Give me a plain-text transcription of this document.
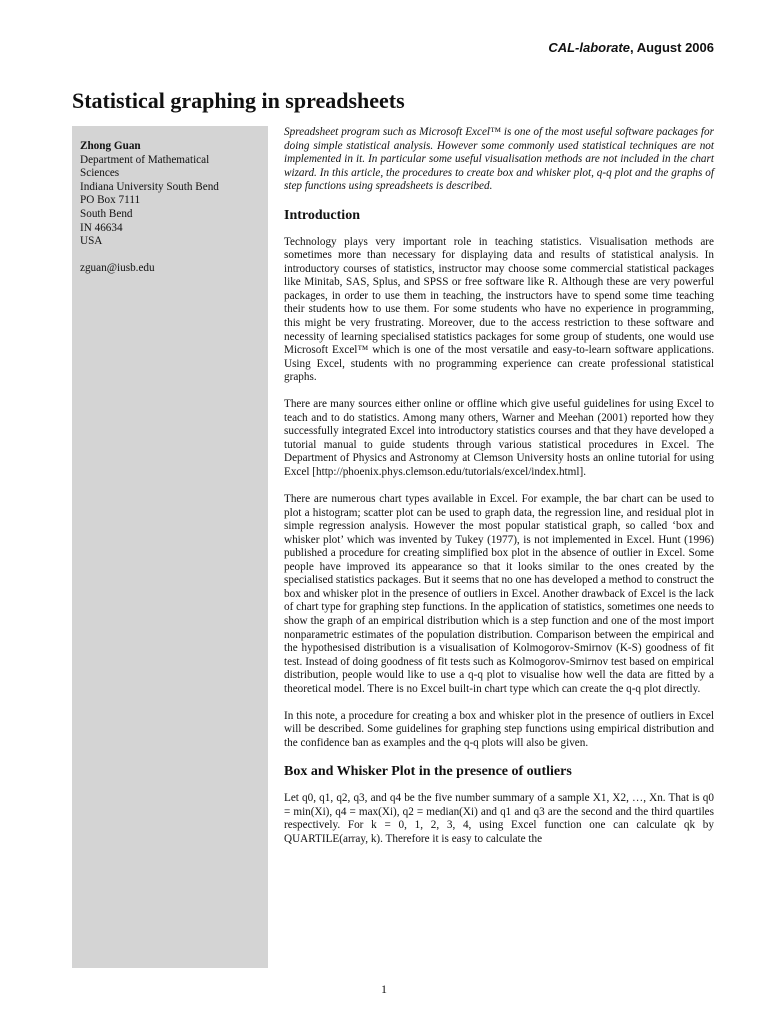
CAL-laborate, August 2006
Statistical graphing in spreadsheets
Zhong Guan
Department of Mathematical
Sciences
Indiana University South Bend
PO Box 7111
South Bend
IN 46634
USA
zguan@iusb.edu

Spreadsheet program such as Microsoft Excel™ is one of the most useful software packages for doing simple statistical analysis. However some commonly used statistical techniques are not implemented in it. In particular some useful visualisation methods are not included in the chart wizard. In this article, the procedures to create box and whisker plot, q-q plot and the graphs of step functions using spreadsheets is described.

Introduction

Technology plays very important role in teaching statistics. Visualisation methods are sometimes more than necessary for displaying data and results of statistical analysis. In introductory courses of statistics, instructor may choose some commercial statistical packages like Minitab, SAS, Splus, and SPSS or free software like R. Although these are very powerful packages, in order to use them in teaching, the instructors have to spend some time teaching their students how to use them. For some students who have no experience in programming, this might be very frustrating. Moreover, due to the access restriction to these software and necessity of learning specialised statistics packages for some group of students, one would use Microsoft Excel™ which is one of the most versatile and easy-to-learn software applications. Using Excel, students with no programming experience can create professional statistical graphs.

There are many sources either online or offline which give useful guidelines for using Excel to teach and to do statistics. Among many others, Warner and Meehan (2001) reported how they successfully integrated Excel into introductory statistics courses and that they have developed a tutorial manual to guide students through various statistical procedures in Excel. The Department of Physics and Astronomy at Clemson University hosts an online tutorial for using Excel [http://phoenix.phys.clemson.edu/tutorials/excel/index.html].

There are numerous chart types available in Excel. For example, the bar chart can be used to plot a histogram; scatter plot can be used to graph data, the regression line, and residual plot in simple regression analysis. However the most popular statistical graph, so called ‘box and whisker plot’ which was invented by Tukey (1977), is not implemented in Excel. Hunt (1996) published a procedure for creating simplified box plot in the absence of outlier in Excel. Some people have improved its appearance so that it looks similar to the ones created by the specialised statistics packages. But it seems that no one has developed a method to construct the box and whisker plot in the presence of outliers in Excel. Another drawback of Excel is the lack of chart type for graphing step functions. In the application of statistics, sometimes one needs to show the graph of an empirical distribution which is a step function and one of the most import nonparametric estimates of the population distribution. Comparison between the empirical and the hypothesised distribution is a visualisation of Kolmogorov-Smirnov (K-S) goodness of fit test. Instead of doing goodness of fit tests such as Kolmogorov-Smirnov test based on empirical distribution, people would like to use a q-q plot to visualise how well the data are fitted by a theoretical model. There is no Excel built-in chart type which can create the q-q plot directly.

In this note, a procedure for creating a box and whisker plot in the presence of outliers in Excel will be described. Some guidelines for graphing step functions using empirical distribution and the confidence ban as examples and the q-q plots will also be given.

Box and Whisker Plot in the presence of outliers

Let q0, q1, q2, q3, and q4 be the five number summary of a sample X1, X2, …, Xn. That is q0 = min(Xi), q4 = max(Xi), q2 = median(Xi) and q1 and q3 are the second and the third quartiles respectively. For k = 0, 1, 2, 3, 4, using Excel function one can calculate qk by QUARTILE(array, k). Therefore it is easy to calculate the

1
